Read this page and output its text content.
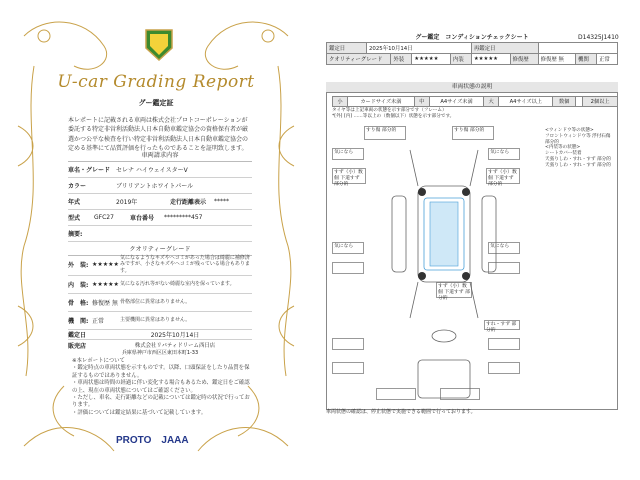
U-car Grading Report
グー鑑定証
本レポートに記載される車両は株式会社プロトコーポレーションが委託する特定非営利活動法人日本自動車鑑定協会の資格保有者が厳選かつ公平な検査を行い特定非営利活動法人日本自動車鑑定協会の定める基準にて品質評価を行ったものであることを証明致します。
車両請求内容
車名・グレード セレナ ハイウェイスターV
カラー	ブリリアントホワイトパール
年式	2019年	走行距離表示	*****
型式	GFC27	車台番号	*********457
摘要:
クオリティーグレード
外　装: ★★★★★
気になるようなキズやヘコミがあった場合は綺麗に補修済みですが、小さなキズやヘコミが残っている場合もあります。
内　装: ★★★★★ 気になる汚れ等がない綺麗な室内を保っています。
骨　格: 修復歴 無 骨格部位に異常はありません。
機　関: 正常	主要機関に異常はありません。
鑑定日	2025年10月14日
販売店	株式会社リバティドリーム西日店
兵庫県神戸市西区区東田本町1-33
※本レポートについて
・鑑定時点の車両状態を示すものです。以降、口頭保証をしたり品質を保証するものではありません。
・車両状態は時間の経過に伴い変化する場合もあるため、鑑定日をご確認の上、現在の車両状態についてはご確認ください。
・ただし、車名、走行距離などの記載については鑑定時の状況で行っております。
・評価については鑑定結果に基づいて記載しています。
PROTO JAAA
グー鑑定　コンディションチェックシート	D14325J1410
鑑定日	2025年10月14日				再鑑定日				
クオリティーグレード		外装	★★★★★	内装	★★★★★	修復歴	修復歴 無	機関	正常
車両状態の説明
小	カードサイズ未満	中	A4サイズ未満	大	A4サイズ以上	数個		2個以上
タイヤ等は上記車両の状態を示す部分です（フレーム）
*[外] [内] ……等以上の（数個以下）状態を示す部分です。
すり傷 部分的	すり傷 部分的
気になら	気になら
すず（小）数個 下道すず 部分的
すず（小）数個 下道すず 部分的
気になら	気になら
すず（小）数個 下道すず 部分的
すれ・すず 部分的
<ウィンドウ等の状態>
フロントウィンドウ等 浮付石傷 部分的
<内装等の状態>
シートカバー装着
天張りしわ・すれ・すず 部分的
天張りしわ・すれ・すず 部分的
車両状態の確認は、停止状態で実施できる範囲で行っております。
